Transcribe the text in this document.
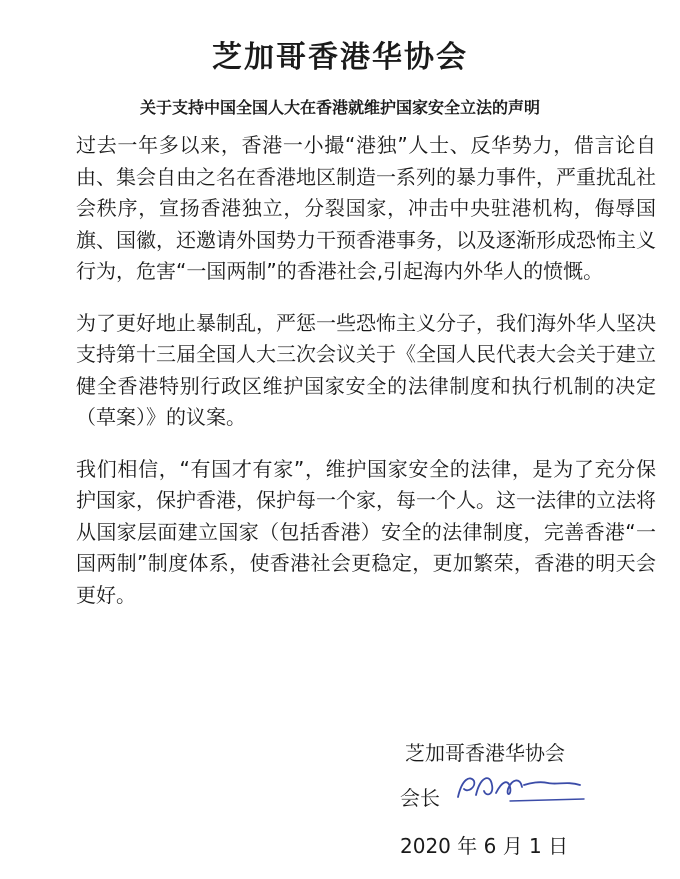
芝加哥香港华协会
关于支持中国全国人大在香港就维护国家安全立法的声明

过去一年多以来，香港一小撮“港独”人士、反华势力，借言论自由、集会自由之名在香港地区制造一系列的暴力事件，严重扰乱社会秩序，宣扬香港独立，分裂国家，冲击中央驻港机构，侮辱国旗、国徽，还邀请外国势力干预香港事务，以及逐渐形成恐怖主义行为，危害“一国两制”的香港社会,引起海内外华人的愤慨。

为了更好地止暴制乱，严惩一些恐怖主义分子，我们海外华人坚决支持第十三届全国人大三次会议关于《全国人民代表大会关于建立健全香港特别行政区维护国家安全的法律制度和执行机制的决定（草案）》的议案。

我们相信，“有国才有家”，维护国家安全的法律，是为了充分保护国家，保护香港，保护每一个家，每一个人。这一法律的立法将从国家层面建立国家（包括香港）安全的法律制度，完善香港“一国两制”制度体系，使香港社会更稳定，更加繁荣，香港的明天会更好。

芝加哥香港华协会
会长
2020 年 6 月 1 日
